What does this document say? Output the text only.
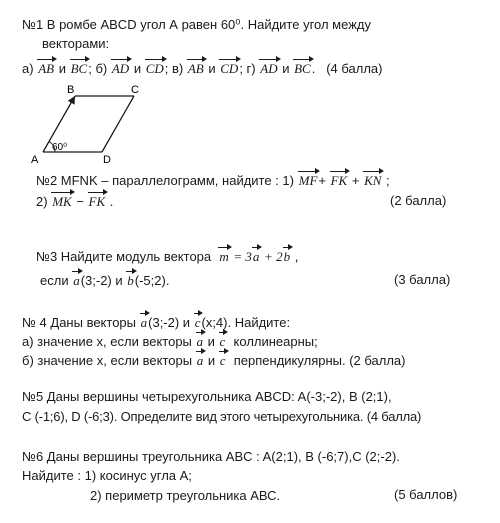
№1 В ромбе ABCD угол А равен 60⁰. Найдите угол между
векторами:
а) AB и BC; б) AD и CD; в) AB и CD; г) AD и BC. (4 балла)
A
B	C
D
60⁰
№2 MFNK – параллелограмм, найдите : 1) MF+ FK + KN ;
2) MK − FK .	(2 балла)
№3 Найдите модуль вектора m = 3a + 2b ,
если a(3;-2) и b(-5;2).	(3 балла)
№ 4 Даны векторы a(3;-2) и c(x;4). Найдите:
а) значение х, если векторы a и c коллинеарны;
б) значение х, если векторы a и c перпендикулярны. (2 балла)
№5 Даны вершины четырехугольника ABCD: A(-3;-2), B (2;1),
C (-1;6), D (-6;3). Определите вид этого четырехугольника. (4 балла)
№6 Даны вершины треугольника ABC : A(2;1), B (-6;7),C (2;-2).
Найдите : 1) косинус угла А;
2) периметр треугольника АВС.	(5 баллов)
